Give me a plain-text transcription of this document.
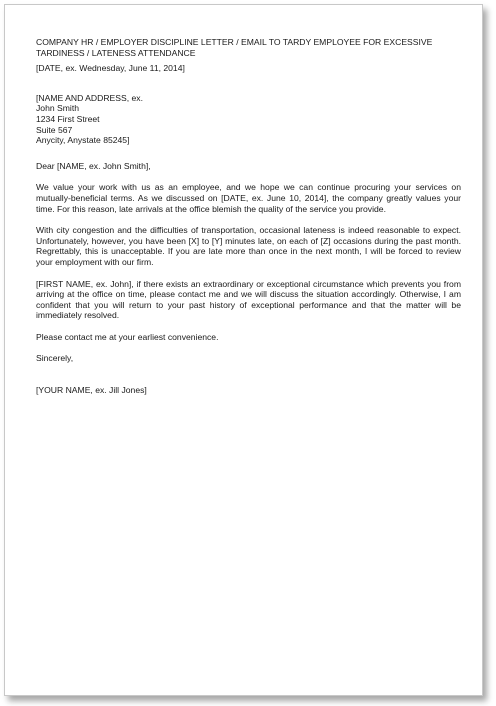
COMPANY HR / EMPLOYER DISCIPLINE LETTER / EMAIL TO TARDY EMPLOYEE FOR EXCESSIVE TARDINESS / LATENESS ATTENDANCE
[DATE, ex. Wednesday, June 11, 2014]
[NAME AND ADDRESS, ex.
John Smith
1234 First Street
Suite 567
Anycity, Anystate 85245]
Dear [NAME, ex. John Smith],
We value your work with us as an employee, and we hope we can continue procuring your services on mutually-beneficial terms. As we discussed on [DATE, ex. June 10, 2014], the company greatly values your time. For this reason, late arrivals at the office blemish the quality of the service you provide.
With city congestion and the difficulties of transportation, occasional lateness is indeed reasonable to expect. Unfortunately, however, you have been [X] to [Y] minutes late, on each of [Z] occasions during the past month. Regrettably, this is unacceptable. If you are late more than once in the next month, I will be forced to review your employment with our firm.
[FIRST NAME, ex. John], if there exists an extraordinary or exceptional circumstance which prevents you from arriving at the office on time, please contact me and we will discuss the situation accordingly. Otherwise, I am confident that you will return to your past history of exceptional performance and that the matter will be immediately resolved.
Please contact me at your earliest convenience.
Sincerely,
[YOUR NAME, ex. Jill Jones]
